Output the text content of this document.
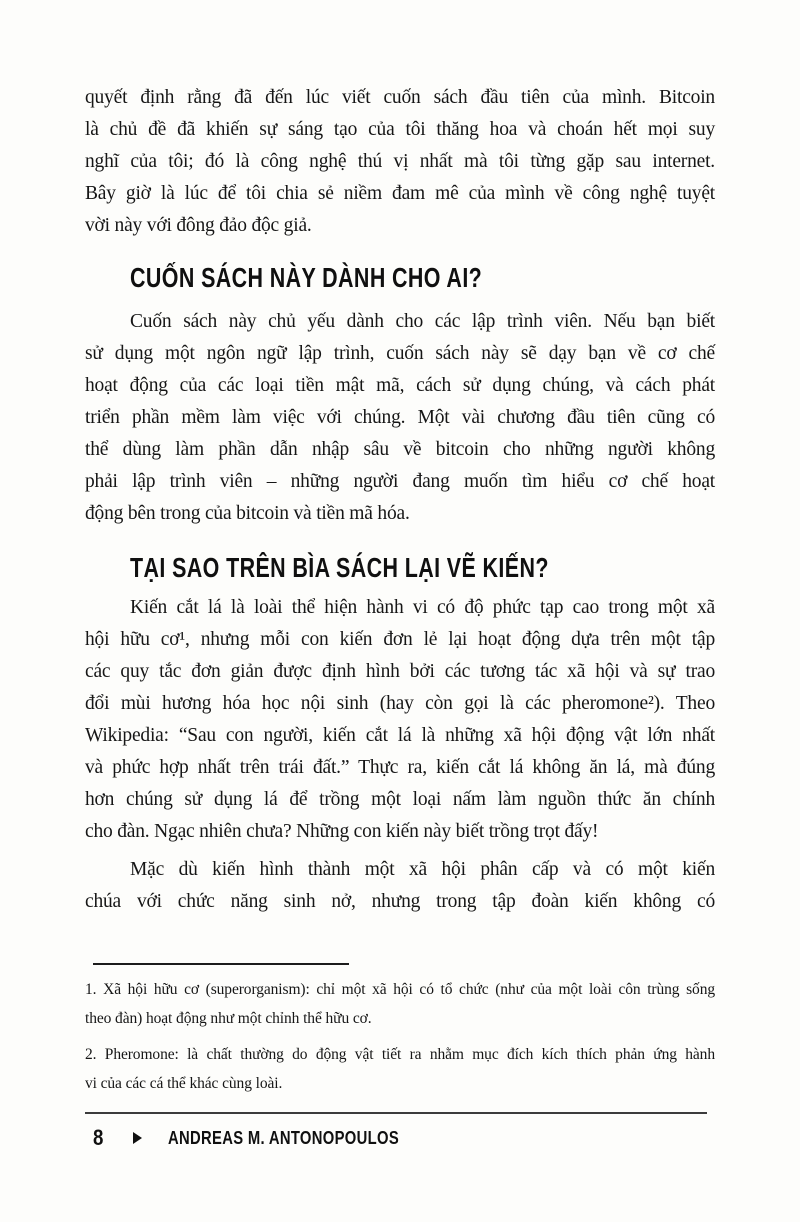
quyết định rằng đã đến lúc viết cuốn sách đầu tiên của mình. Bitcoin
là chủ đề đã khiến sự sáng tạo của tôi thăng hoa và choán hết mọi suy
nghĩ của tôi; đó là công nghệ thú vị nhất mà tôi từng gặp sau internet.
Bây giờ là lúc để tôi chia sẻ niềm đam mê của mình về công nghệ tuyệt
vời này với đông đảo độc giả.
CUỐN SÁCH NÀY DÀNH CHO AI?
Cuốn sách này chủ yếu dành cho các lập trình viên. Nếu bạn biết
sử dụng một ngôn ngữ lập trình, cuốn sách này sẽ dạy bạn về cơ chế
hoạt động của các loại tiền mật mã, cách sử dụng chúng, và cách phát
triển phần mềm làm việc với chúng. Một vài chương đầu tiên cũng có
thể dùng làm phần dẫn nhập sâu về bitcoin cho những người không
phải lập trình viên – những người đang muốn tìm hiểu cơ chế hoạt
động bên trong của bitcoin và tiền mã hóa.
TẠI SAO TRÊN BÌA SÁCH LẠI VẼ KIẾN?
Kiến cắt lá là loài thể hiện hành vi có độ phức tạp cao trong một xã
hội hữu cơ¹, nhưng mỗi con kiến đơn lẻ lại hoạt động dựa trên một tập
các quy tắc đơn giản được định hình bởi các tương tác xã hội và sự trao
đổi mùi hương hóa học nội sinh (hay còn gọi là các pheromone²). Theo
Wikipedia: “Sau con người, kiến cắt lá là những xã hội động vật lớn nhất
và phức hợp nhất trên trái đất.” Thực ra, kiến cắt lá không ăn lá, mà đúng
hơn chúng sử dụng lá để trồng một loại nấm làm nguồn thức ăn chính
cho đàn. Ngạc nhiên chưa? Những con kiến này biết trồng trọt đấy!
Mặc dù kiến hình thành một xã hội phân cấp và có một kiến
chúa với chức năng sinh nở, nhưng trong tập đoàn kiến không có
1. Xã hội hữu cơ (superorganism): chỉ một xã hội có tổ chức (như của một loài côn trùng sống
theo đàn) hoạt động như một chỉnh thể hữu cơ.
2. Pheromone: là chất thường do động vật tiết ra nhằm mục đích kích thích phản ứng hành
vi của các cá thể khác cùng loài.
8	ANDREAS M. ANTONOPOULOS
